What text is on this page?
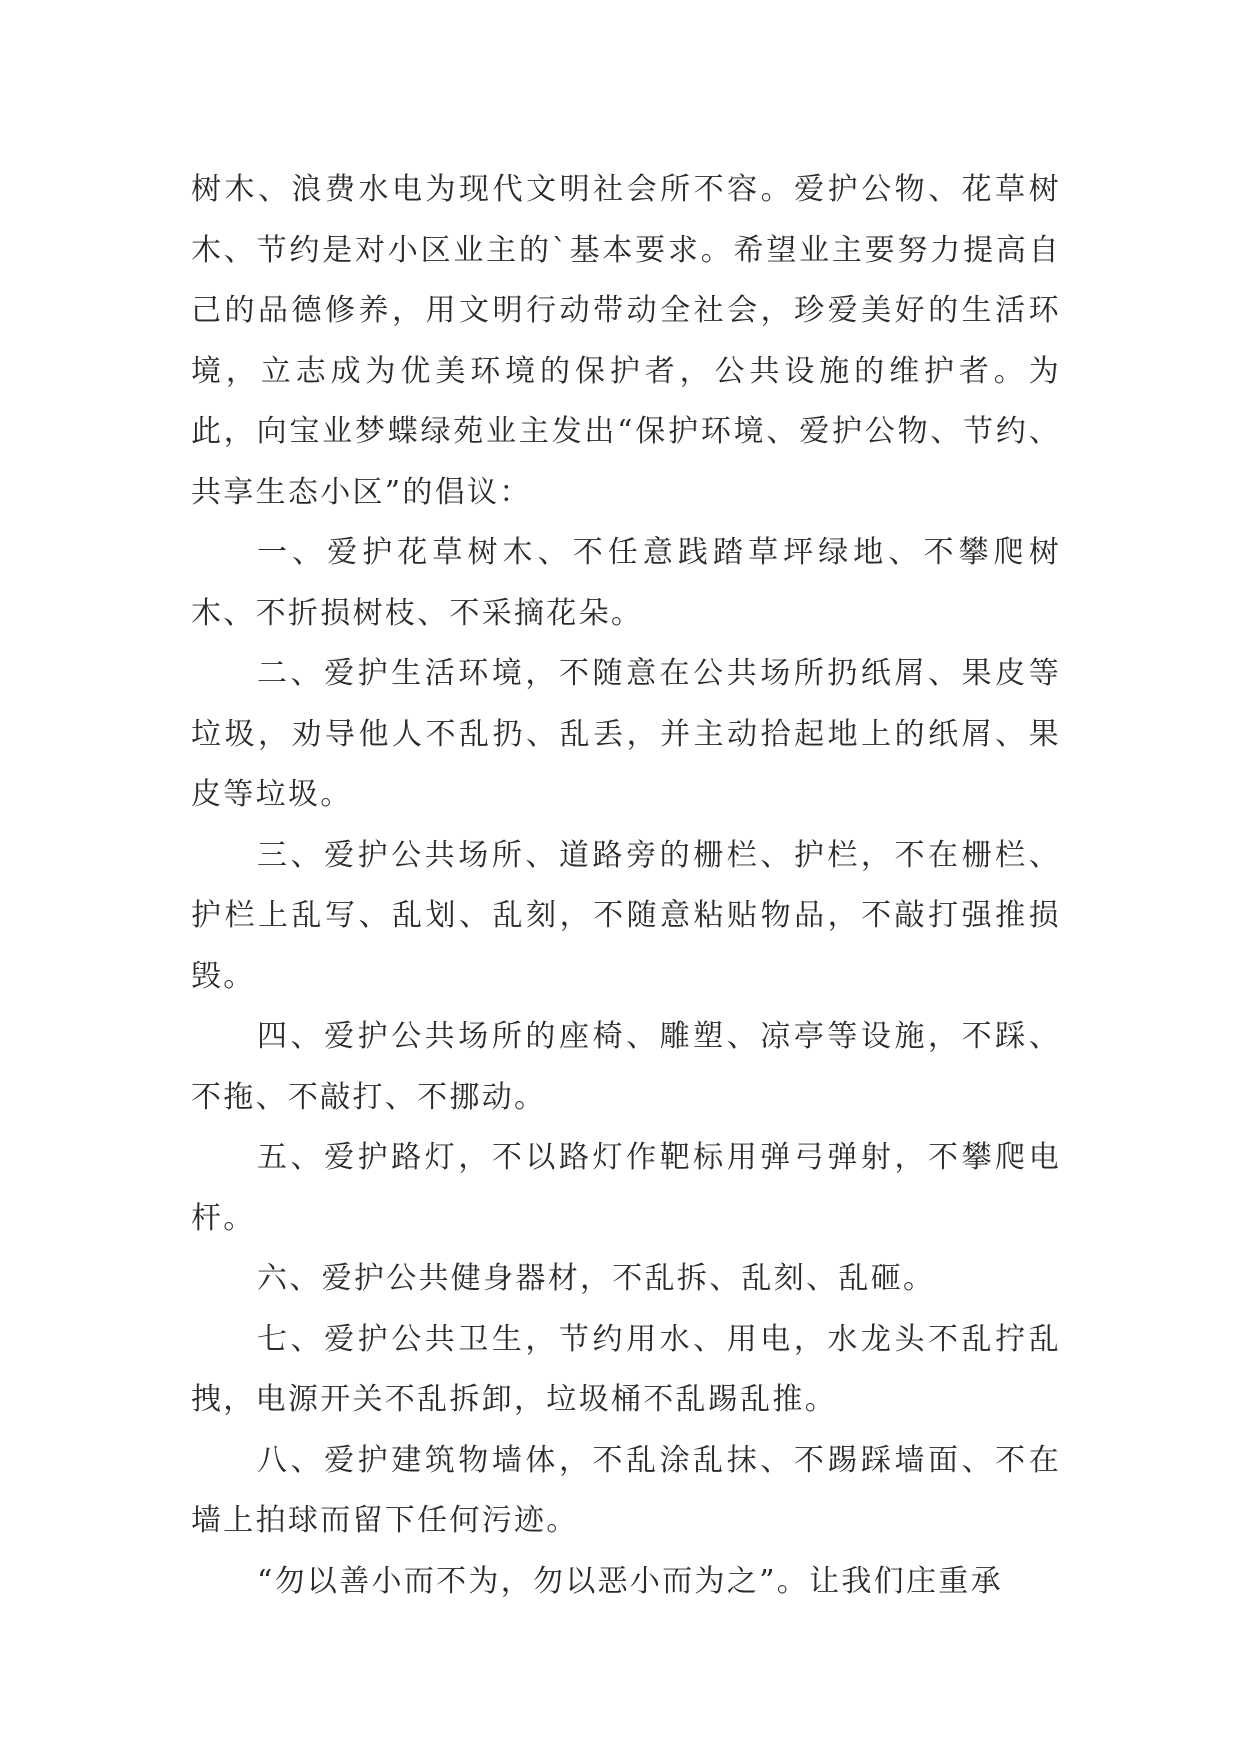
树木、浪费水电为现代文明社会所不容。爱护公物、花草树木、节约是对小区业主的`基本要求。希望业主要努力提高自己的品德修养，用文明行动带动全社会，珍爱美好的生活环境，立志成为优美环境的保护者，公共设施的维护者。为此，向宝业梦蝶绿苑业主发出“保护环境、爱护公物、节约、共享生态小区”的倡议：

一、爱护花草树木、不任意践踏草坪绿地、不攀爬树木、不折损树枝、不采摘花朵。

二、爱护生活环境，不随意在公共场所扔纸屑、果皮等垃圾，劝导他人不乱扔、乱丢，并主动拾起地上的纸屑、果皮等垃圾。

三、爱护公共场所、道路旁的栅栏、护栏，不在栅栏、护栏上乱写、乱划、乱刻，不随意粘贴物品，不敲打强推损毁。

四、爱护公共场所的座椅、雕塑、凉亭等设施，不踩、不拖、不敲打、不挪动。

五、爱护路灯，不以路灯作靶标用弹弓弹射，不攀爬电杆。

六、爱护公共健身器材，不乱拆、乱刻、乱砸。

七、爱护公共卫生，节约用水、用电，水龙头不乱拧乱拽，电源开关不乱拆卸，垃圾桶不乱踢乱推。

八、爱护建筑物墙体，不乱涂乱抹、不踢踩墙面、不在墙上拍球而留下任何污迹。

“勿以善小而不为，勿以恶小而为之”。让我们庄重承
